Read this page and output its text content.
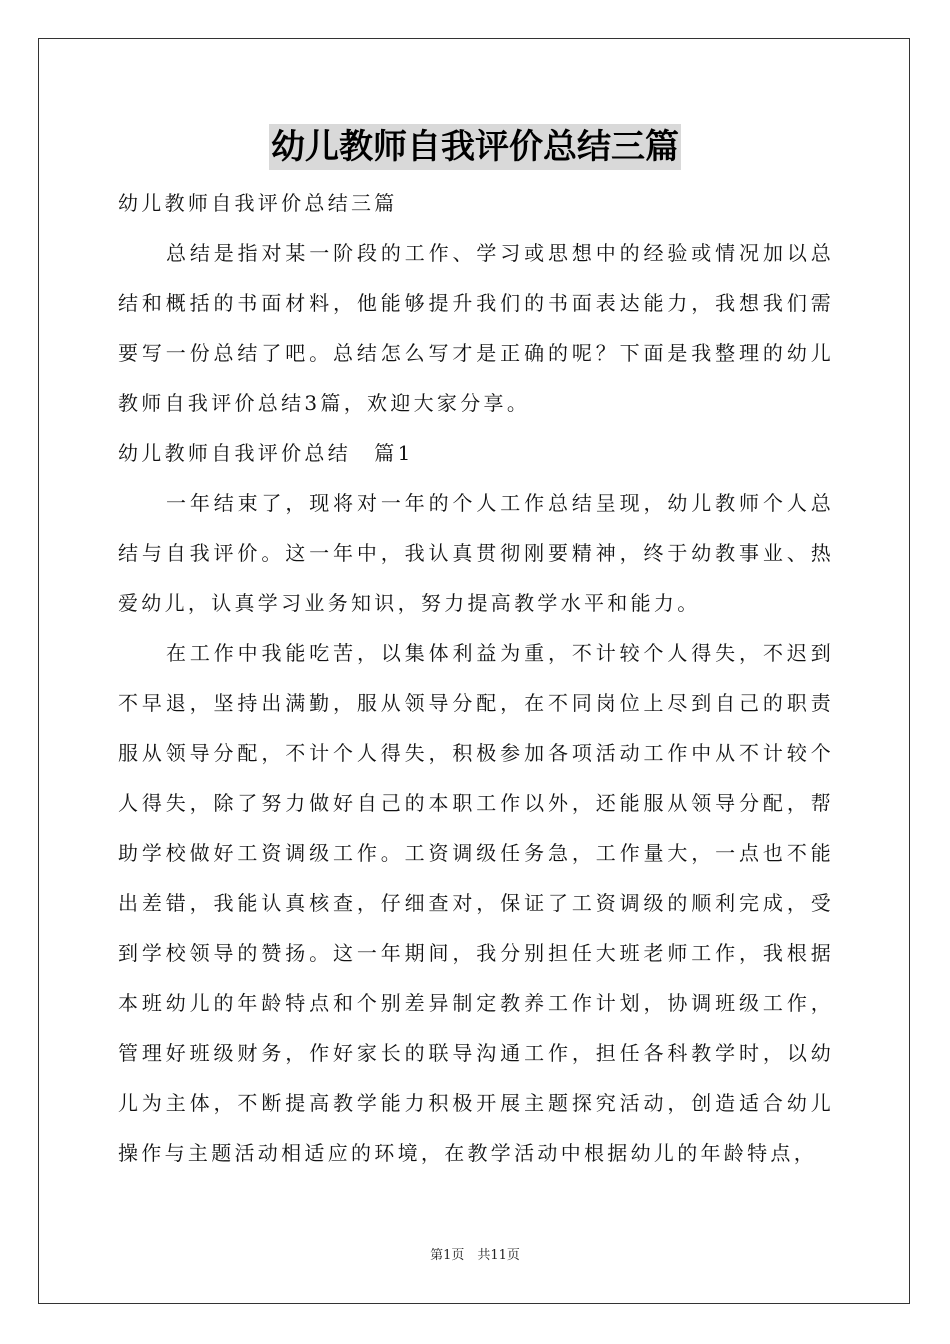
幼儿教师自我评价总结三篇

幼儿教师自我评价总结三篇

总结是指对某一阶段的工作、学习或思想中的经验或情况加以总结和概括的书面材料，他能够提升我们的书面表达能力，我想我们需要写一份总结了吧。总结怎么写才是正确的呢？下面是我整理的幼儿教师自我评价总结3篇，欢迎大家分享。

幼儿教师自我评价总结　篇1

一年结束了，现将对一年的个人工作总结呈现，幼儿教师个人总结与自我评价。这一年中，我认真贯彻刚要精神，终于幼教事业、热爱幼儿，认真学习业务知识，努力提高教学水平和能力。

在工作中我能吃苦，以集体利益为重，不计较个人得失，不迟到不早退，坚持出满勤，服从领导分配，在不同岗位上尽到自己的职责服从领导分配，不计个人得失，积极参加各项活动工作中从不计较个人得失，除了努力做好自己的本职工作以外，还能服从领导分配，帮助学校做好工资调级工作。工资调级任务急，工作量大，一点也不能出差错，我能认真核查，仔细查对，保证了工资调级的顺利完成，受到学校领导的赞扬。这一年期间，我分别担任大班老师工作，我根据本班幼儿的年龄特点和个别差异制定教养工作计划，协调班级工作，管理好班级财务，作好家长的联导沟通工作，担任各科教学时，以幼儿为主体，不断提高教学能力积极开展主题探究活动，创造适合幼儿操作与主题活动相适应的环境，在教学活动中根据幼儿的年龄特点，

第1页　共11页
